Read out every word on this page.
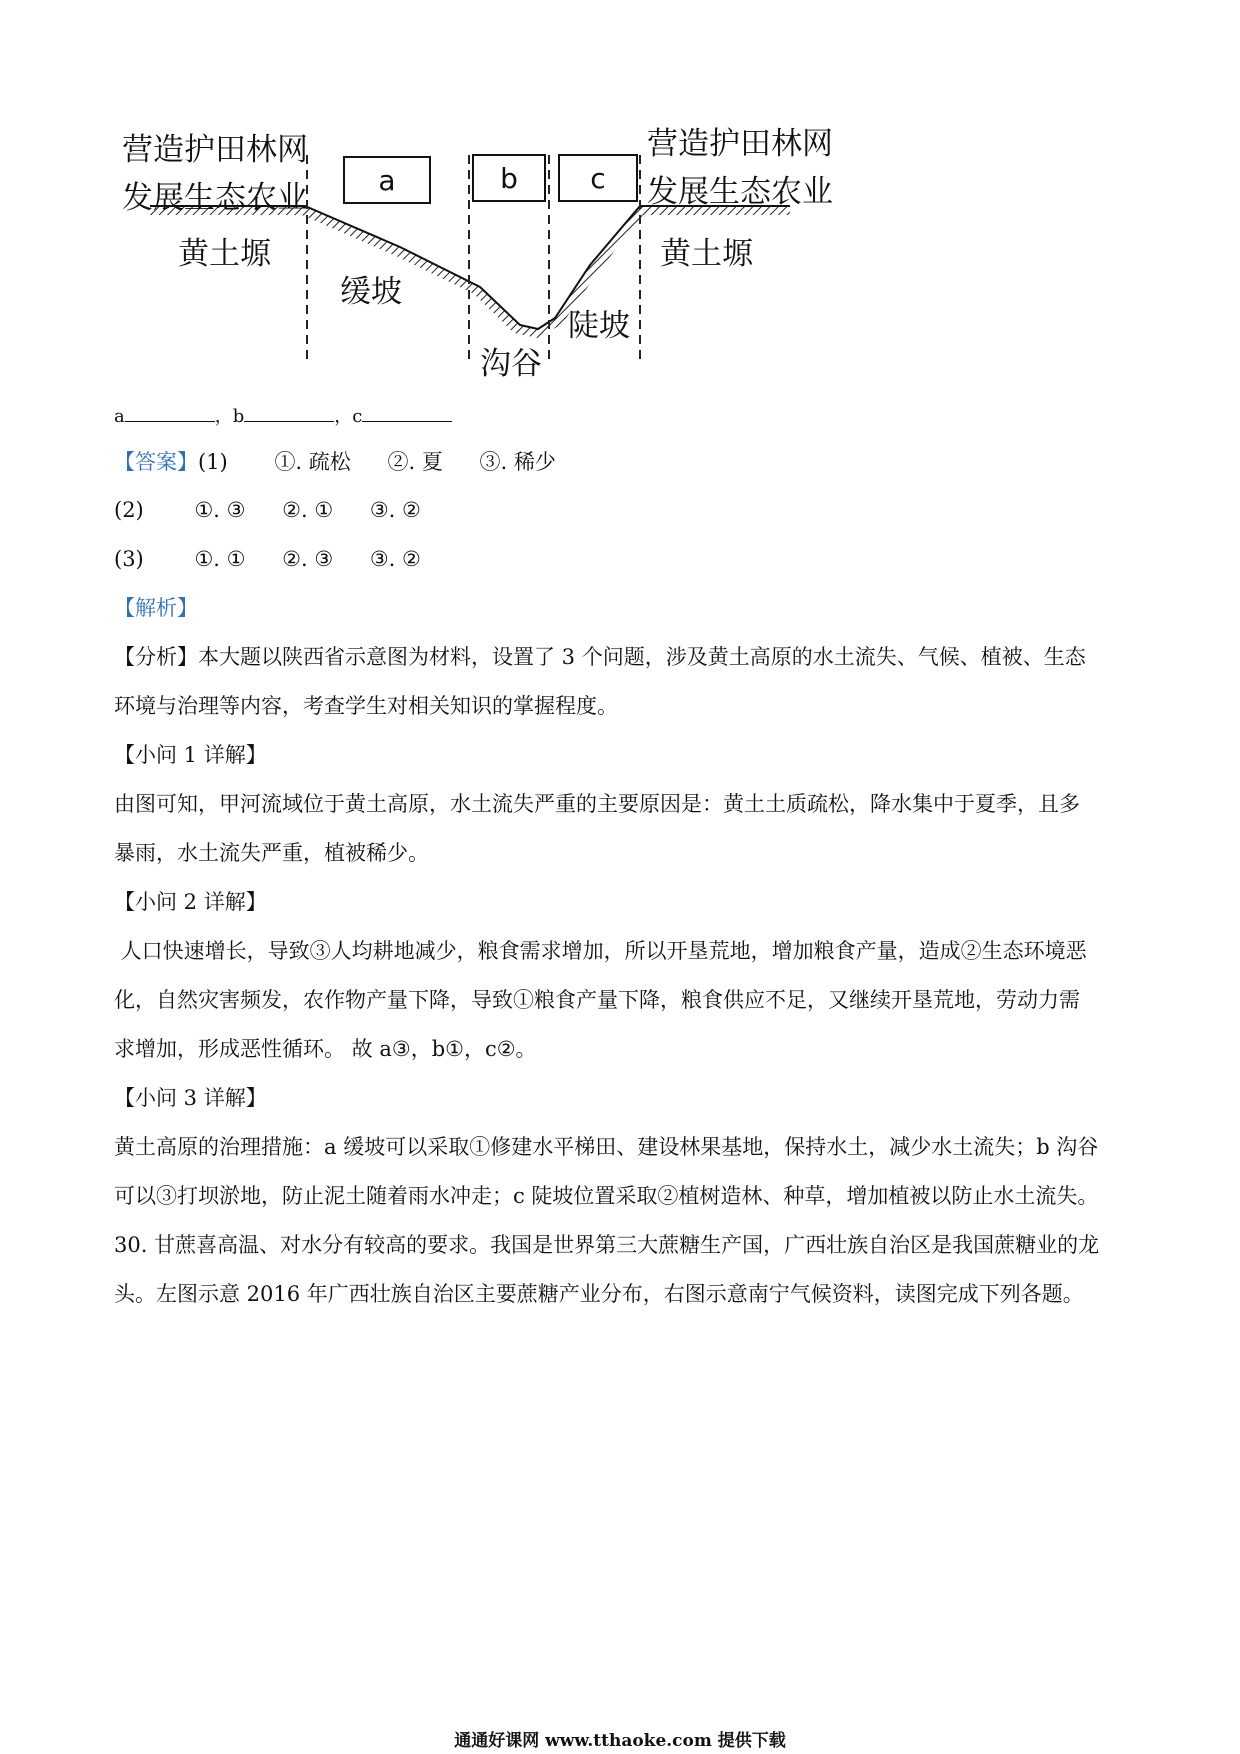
营造护田林网
发展生态农业
营造护田林网
发展生态农业
黄土塬	黄土塬
缓坡
沟谷
陡坡
a	b	c
a	，b	，c
【答案】(1) ①. 疏松 ②. 夏 ③. 稀少
(2) ①. ③ ②. ① ③. ②
(3) ①. ① ②. ③ ③. ②
【解析】
【分析】本大题以陕西省示意图为材料，设置了 3 个问题，涉及黄土高原的水土流失、气候、植被、生态
环境与治理等内容，考查学生对相关知识的掌握程度。
【小问 1 详解】
由图可知，甲河流域位于黄土高原，水土流失严重的主要原因是：黄土土质疏松，降水集中于夏季，且多
暴雨，水土流失严重，植被稀少。
【小问 2 详解】
人口快速增长，导致③人均耕地减少，粮食需求增加，所以开垦荒地，增加粮食产量，造成②生态环境恶
化，自然灾害频发，农作物产量下降，导致①粮食产量下降，粮食供应不足，又继续开垦荒地，劳动力需
求增加，形成恶性循环。 故 a③，b①，c②。
【小问 3 详解】
黄土高原的治理措施：a 缓坡可以采取①修建水平梯田、建设林果基地，保持水土，减少水土流失；b 沟谷
可以③打坝淤地，防止泥土随着雨水冲走；c 陡坡位置采取②植树造林、种草，增加植被以防止水土流失。
30. 甘蔗喜高温、对水分有较高的要求。我国是世界第三大蔗糖生产国，广西壮族自治区是我国蔗糖业的龙
头。左图示意 2016 年广西壮族自治区主要蔗糖产业分布，右图示意南宁气候资料，读图完成下列各题。
通通好课网 www.tthaoke.com 提供下载
